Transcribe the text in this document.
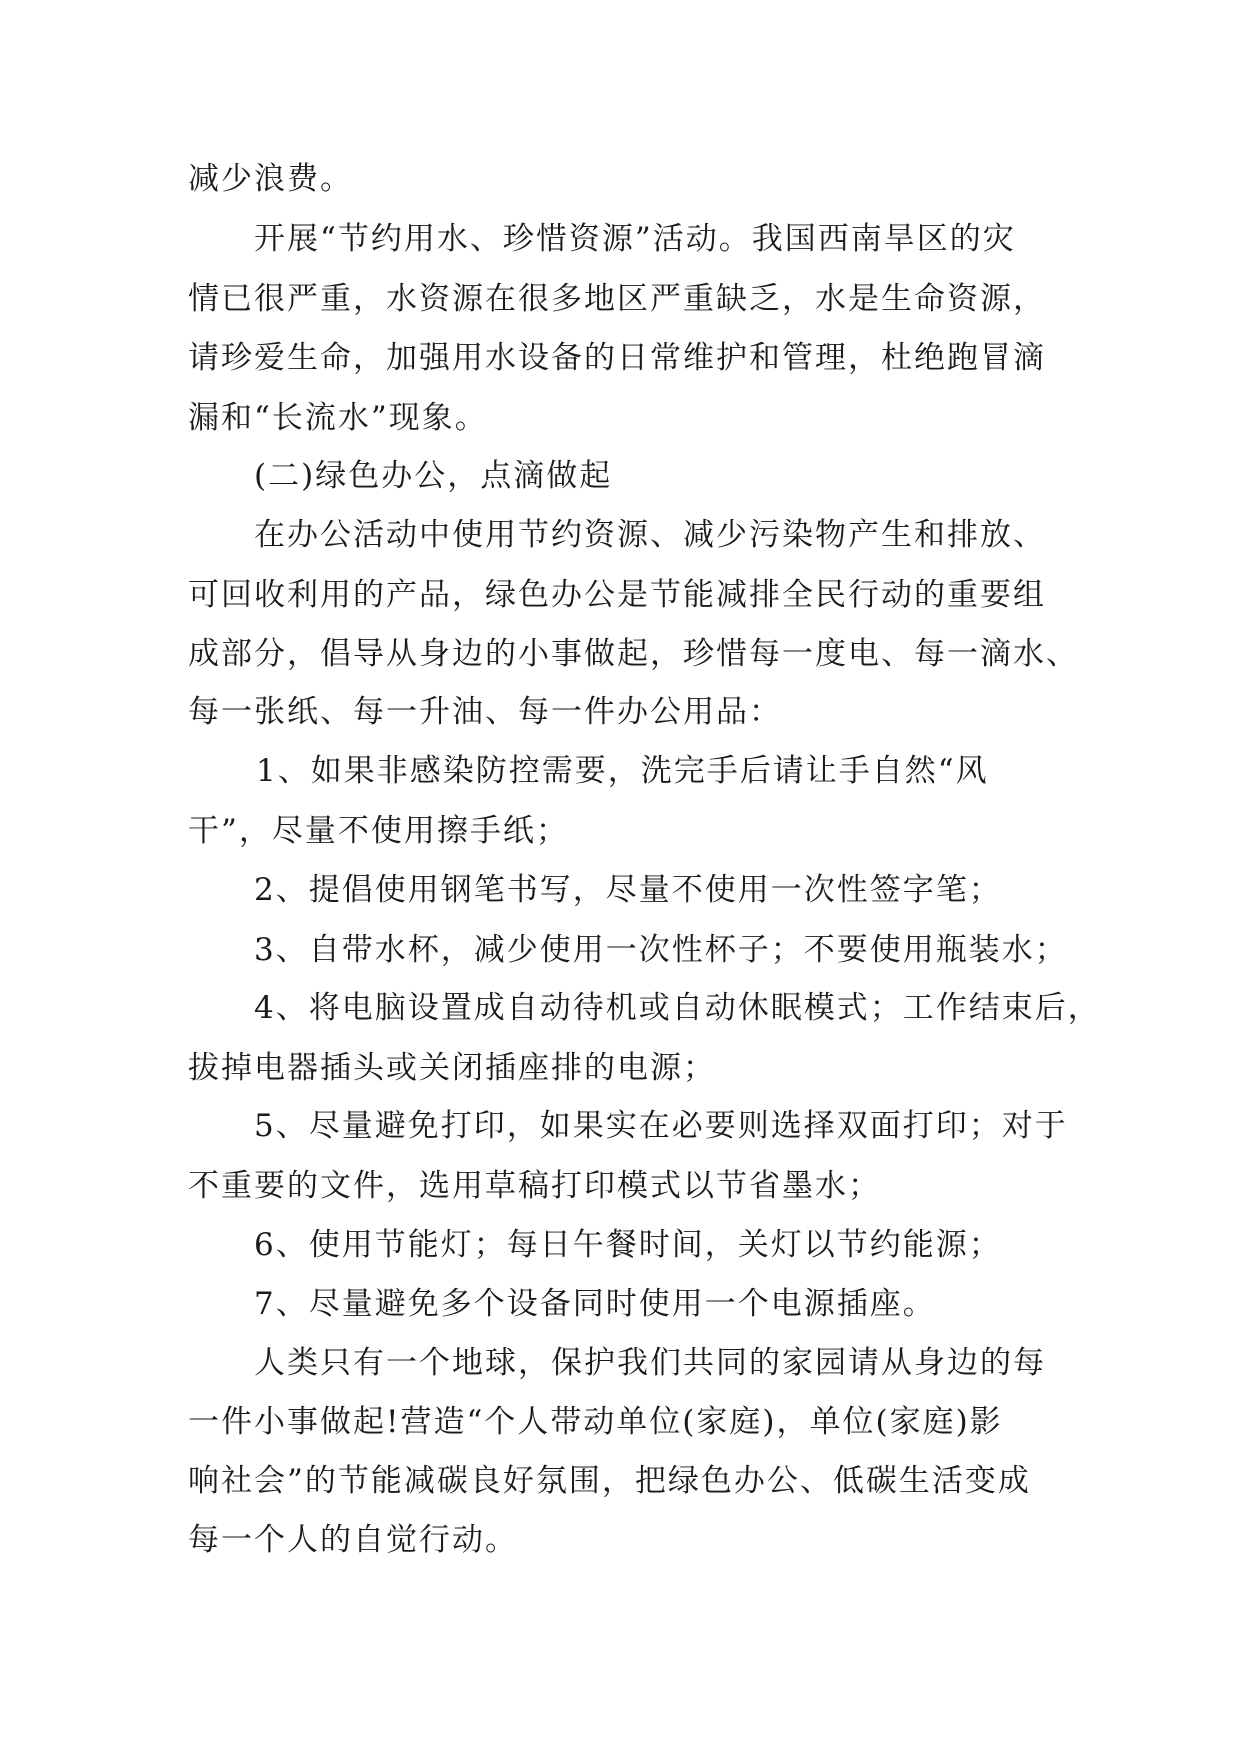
减少浪费。
开展“节约用水、珍惜资源”活动。我国西南旱区的灾
情已很严重，水资源在很多地区严重缺乏，水是生命资源，
请珍爱生命，加强用水设备的日常维护和管理，杜绝跑冒滴
漏和“长流水”现象。
(二)绿色办公，点滴做起
在办公活动中使用节约资源、减少污染物产生和排放、
可回收利用的产品，绿色办公是节能减排全民行动的重要组
成部分，倡导从身边的小事做起，珍惜每一度电、每一滴水、
每一张纸、每一升油、每一件办公用品：
1、如果非感染防控需要，洗完手后请让手自然“风
干”，尽量不使用擦手纸；
2、提倡使用钢笔书写，尽量不使用一次性签字笔；
3、自带水杯，减少使用一次性杯子；不要使用瓶装水；
4、将电脑设置成自动待机或自动休眠模式；工作结束后，
拔掉电器插头或关闭插座排的电源；
5、尽量避免打印，如果实在必要则选择双面打印；对于
不重要的文件，选用草稿打印模式以节省墨水；
6、使用节能灯；每日午餐时间，关灯以节约能源；
7、尽量避免多个设备同时使用一个电源插座。
人类只有一个地球，保护我们共同的家园请从身边的每
一件小事做起!营造“个人带动单位(家庭)，单位(家庭)影
响社会”的节能减碳良好氛围，把绿色办公、低碳生活变成
每一个人的自觉行动。
